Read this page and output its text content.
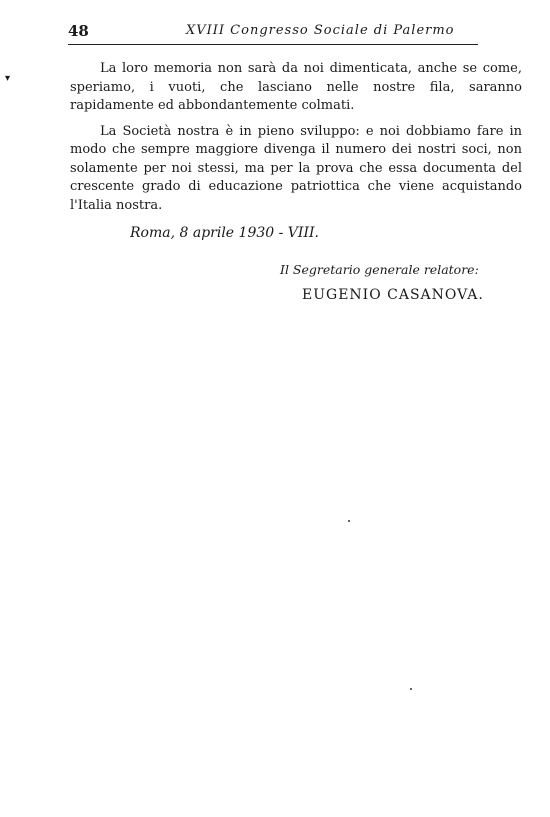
48	XVIII Congresso Sociale di Palermo
▾

La loro memoria non sarà da noi dimenticata, anche se come, speriamo, i vuoti, che lasciano nelle nostre fila, saranno rapidamente ed abbondantemente colmati.

La Società nostra è in pieno sviluppo: e noi dobbiamo fare in modo che sempre maggiore divenga il numero dei nostri soci, non solamente per noi stessi, ma per la prova che essa documenta del crescente grado di educazione patriottica che viene acquistando l'Italia nostra.

Roma, 8 aprile 1930 - VIII.
Il Segretario generale relatore:
EUGENIO CASANOVA.
